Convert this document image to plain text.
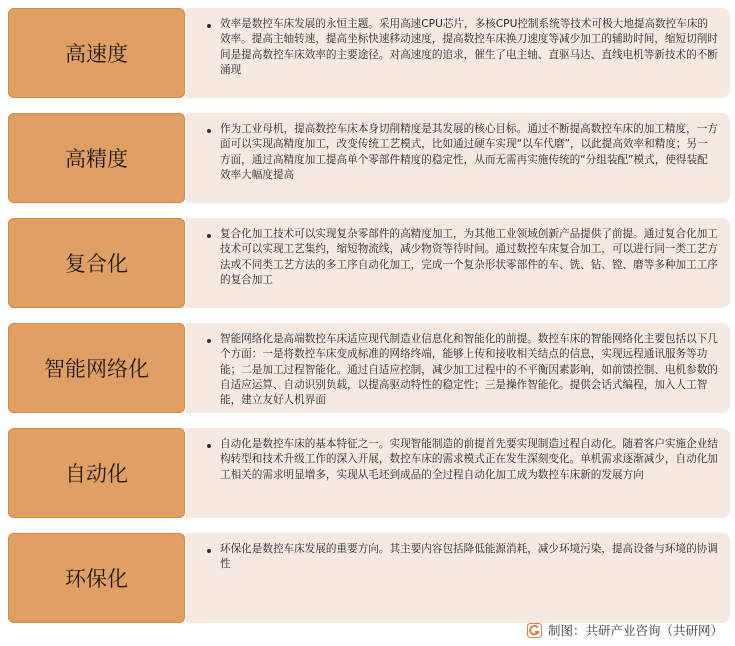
高速度
效率是数控车床发展的永恒主题。采用高速CPU芯片，多核CPU控制系统等技术可极大地提高数控车床的效率。提高主轴转速，提高坐标快速移动速度，提高数控车床换刀速度等减少加工的辅助时间，缩短切削时间是提高数控车床效率的主要途径。对高速度的追求，催生了电主轴、直驱马达、直线电机等新技术的不断涌现
高精度
作为工业母机，提高数控车床本身切削精度是其发展的核心目标。通过不断提高数控车床的加工精度，一方面可以实现高精度加工，改变传统工艺模式，比如通过硬车实现“以车代磨”，以此提高效率和精度；另一方面，通过高精度加工提高单个零部件精度的稳定性，从而无需再实施传统的“分组装配”模式，使得装配效率大幅度提高
复合化
复合化加工技术可以实现复杂零部件的高精度加工，为其他工业领域创新产品提供了前提。通过复合化加工技术可以实现工艺集约，缩短物流线，减少物资等待时间。通过数控车床复合加工，可以进行同一类工艺方法或不同类工艺方法的多工序自动化加工，完成一个复杂形状零部件的车、铣、钻、镗、磨等多种加工工序的复合加工
智能网络化
智能网络化是高端数控车床适应现代制造业信息化和智能化的前提。数控车床的智能网络化主要包括以下几个方面：一是将数控车床变成标准的网络终端，能够上传和接收相关结点的信息，实现远程通讯服务等功能；二是加工过程智能化。通过自适应控制，减少加工过程中的不平衡因素影响，如前馈控制、电机参数的自适应运算、自动识别负载，以提高驱动特性的稳定性；三是操作智能化。提供会话式编程，加入人工智能，建立友好人机界面
自动化
自动化是数控车床的基本特征之一。实现智能制造的前提首先要实现制造过程自动化。随着客户实施企业结构转型和技术升级工作的深入开展，数控车床的需求模式正在发生深刻变化。单机需求逐渐减少，自动化加工相关的需求明显增多，实现从毛坯到成品的全过程自动化加工成为数控车床新的发展方向
环保化
环保化是数控车床发展的重要方向。其主要内容包括降低能源消耗，减少环境污染，提高设备与环境的协调性
制图：共研产业咨询（共研网）
